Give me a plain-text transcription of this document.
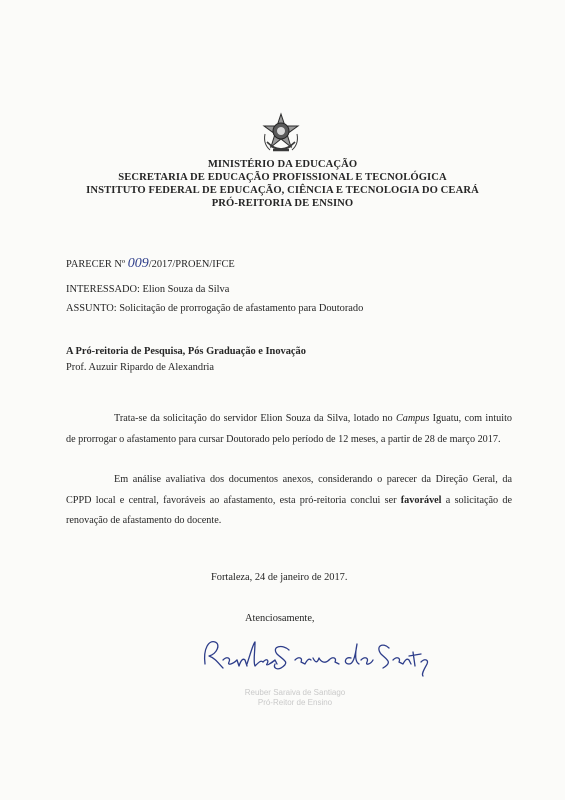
MINISTÉRIO DA EDUCAÇÃO
SECRETARIA DE EDUCAÇÃO PROFISSIONAL E TECNOLÓGICA
INSTITUTO FEDERAL DE EDUCAÇÃO, CIÊNCIA E TECNOLOGIA DO CEARÁ
PRÓ-REITORIA DE ENSINO
PARECER Nº 009/2017/PROEN/IFCE
INTERESSADO: Elion Souza da Silva
ASSUNTO: Solicitação de prorrogação de afastamento para Doutorado
A Pró-reitoria de Pesquisa, Pós Graduação e Inovação
Prof. Auzuir Ripardo de Alexandria
Trata-se da solicitação do servidor Elion Souza da Silva, lotado no Campus Iguatu, com intuito de prorrogar o afastamento para cursar Doutorado pelo período de 12 meses, a partir de 28 de março 2017.
Em análise avaliativa dos documentos anexos, considerando o parecer da Direção Geral, da CPPD local e central, favoráveis ao afastamento, esta pró-reitoria conclui ser favorável a solicitação de renovação de afastamento do docente.
Fortaleza, 24 de janeiro de 2017.
Atenciosamente,
Reuber Saraiva de Santiago
Pró-Reitor de Ensino
